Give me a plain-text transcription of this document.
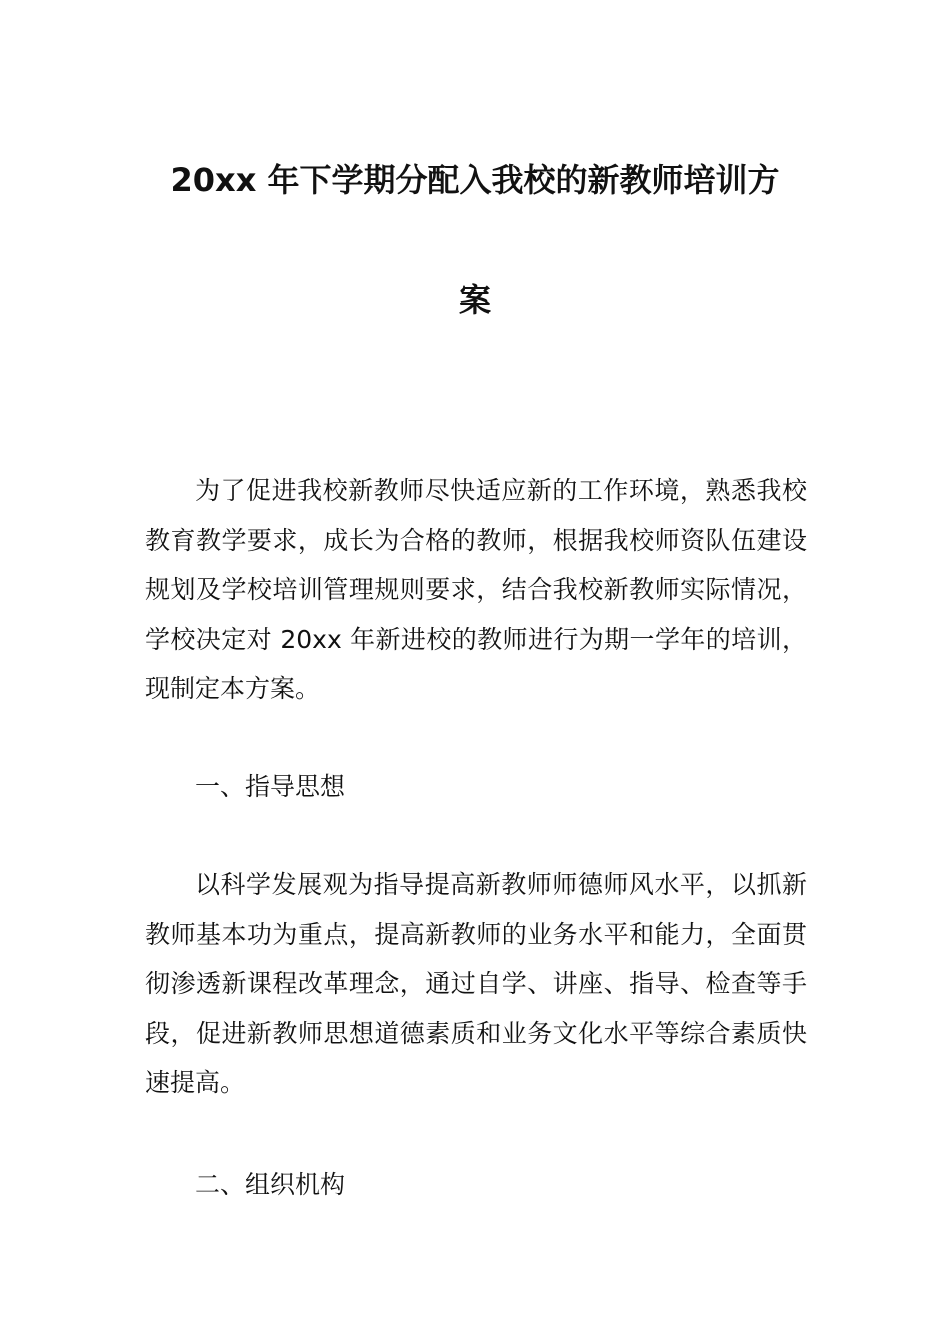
20xx 年下学期分配入我校的新教师培训方
案

为了促进我校新教师尽快适应新的工作环境，熟悉我校教育教学要求，成长为合格的教师，根据我校师资队伍建设规划及学校培训管理规则要求，结合我校新教师实际情况，学校决定对 20xx 年新进校的教师进行为期一学年的培训，现制定本方案。

一、指导思想

以科学发展观为指导提高新教师师德师风水平，以抓新教师基本功为重点，提高新教师的业务水平和能力，全面贯彻渗透新课程改革理念，通过自学、讲座、指导、检查等手段，促进新教师思想道德素质和业务文化水平等综合素质快速提高。

二、组织机构
